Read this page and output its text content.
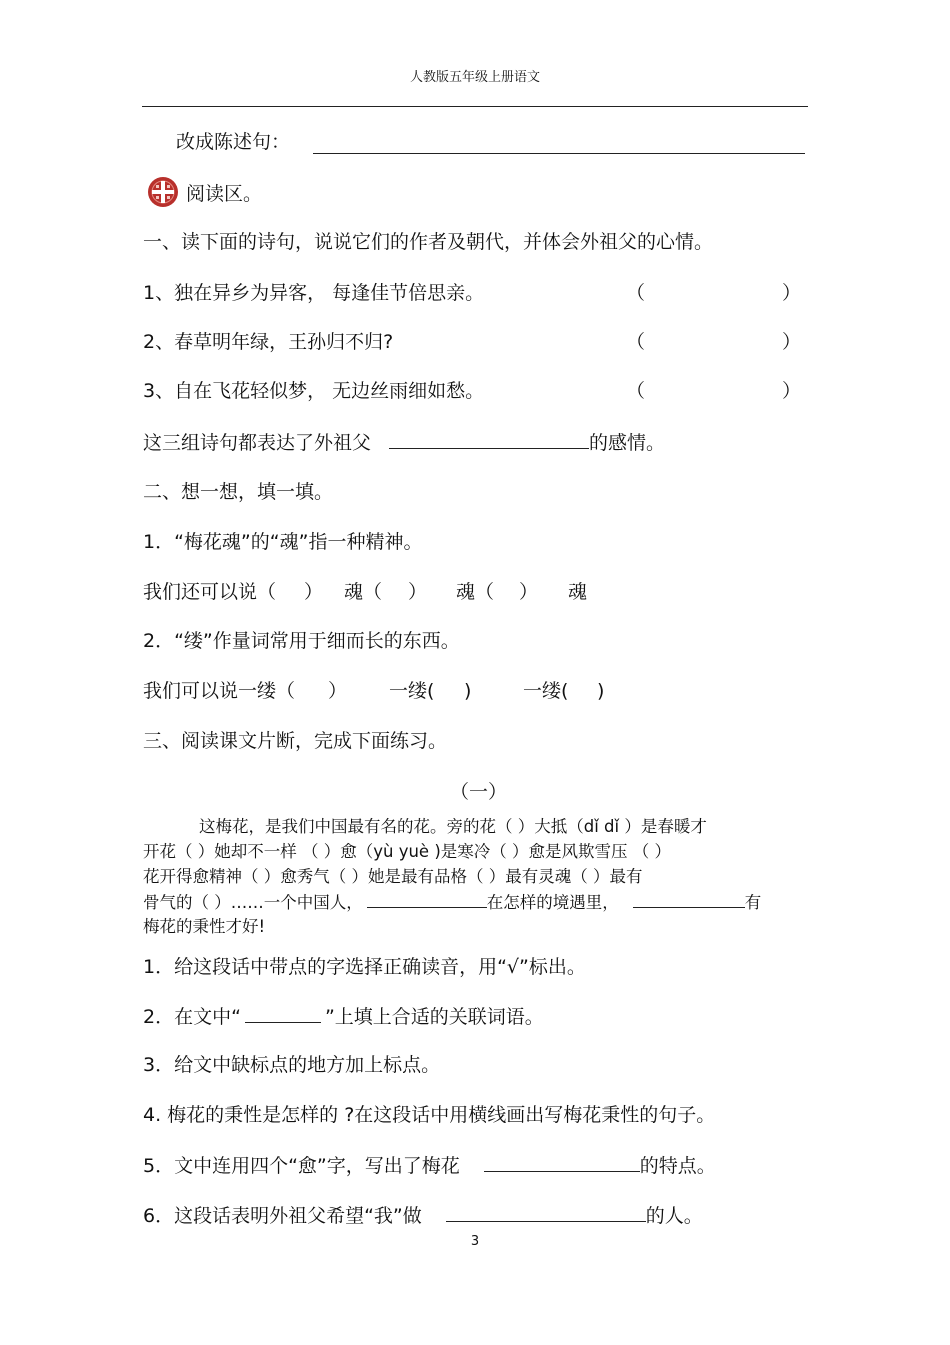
人教版五年级上册语文
改成陈述句：
阅读区。
一、读下面的诗句，说说它们的作者及朝代，并体会外祖父的心情。
1、独在异乡为异客， 每逢佳节倍思亲。	（	）
2、春草明年绿，王孙归不归?	（	）
3、自在飞花轻似梦， 无边丝雨细如愁。	（	）
这三组诗句都表达了外祖父	的感情。
二、想一想，填一填。
1．“梅花魂”的“魂”指一种精神。
我们还可以说（ ） 魂（ ） 魂（ ） 魂
2．“缕”作量词常用于细而长的东西。
我们可以说一缕（ ） 一缕( )	一缕( )
三、阅读课文片断，完成下面练习。
（一）
这梅花，是我们中国最有名的花。旁的花（ ）大抵（dǐ dǐ ）是春暖才
开花（ ）她却不一样 （ ）愈（yù yuè )是寒冷（ ）愈是风欺雪压 （ ）
花开得愈精神（ ）愈秀气（ ）她是最有品格（ ）最有灵魂（ ）最有
骨气的（ ）……一个中国人，	在怎样的境遇里，	有
梅花的秉性才好!
1．给这段话中带点的字选择正确读音，用“√”标出。
2．在文中“	”上填上合适的关联词语。
3．给文中缺标点的地方加上标点。
4. 梅花的秉性是怎样的 ?在这段话中用横线画出写梅花秉性的句子。
5．文中连用四个“愈”字，写出了梅花	的特点。
6．这段话表明外祖父希望“我”做	的人。
3
